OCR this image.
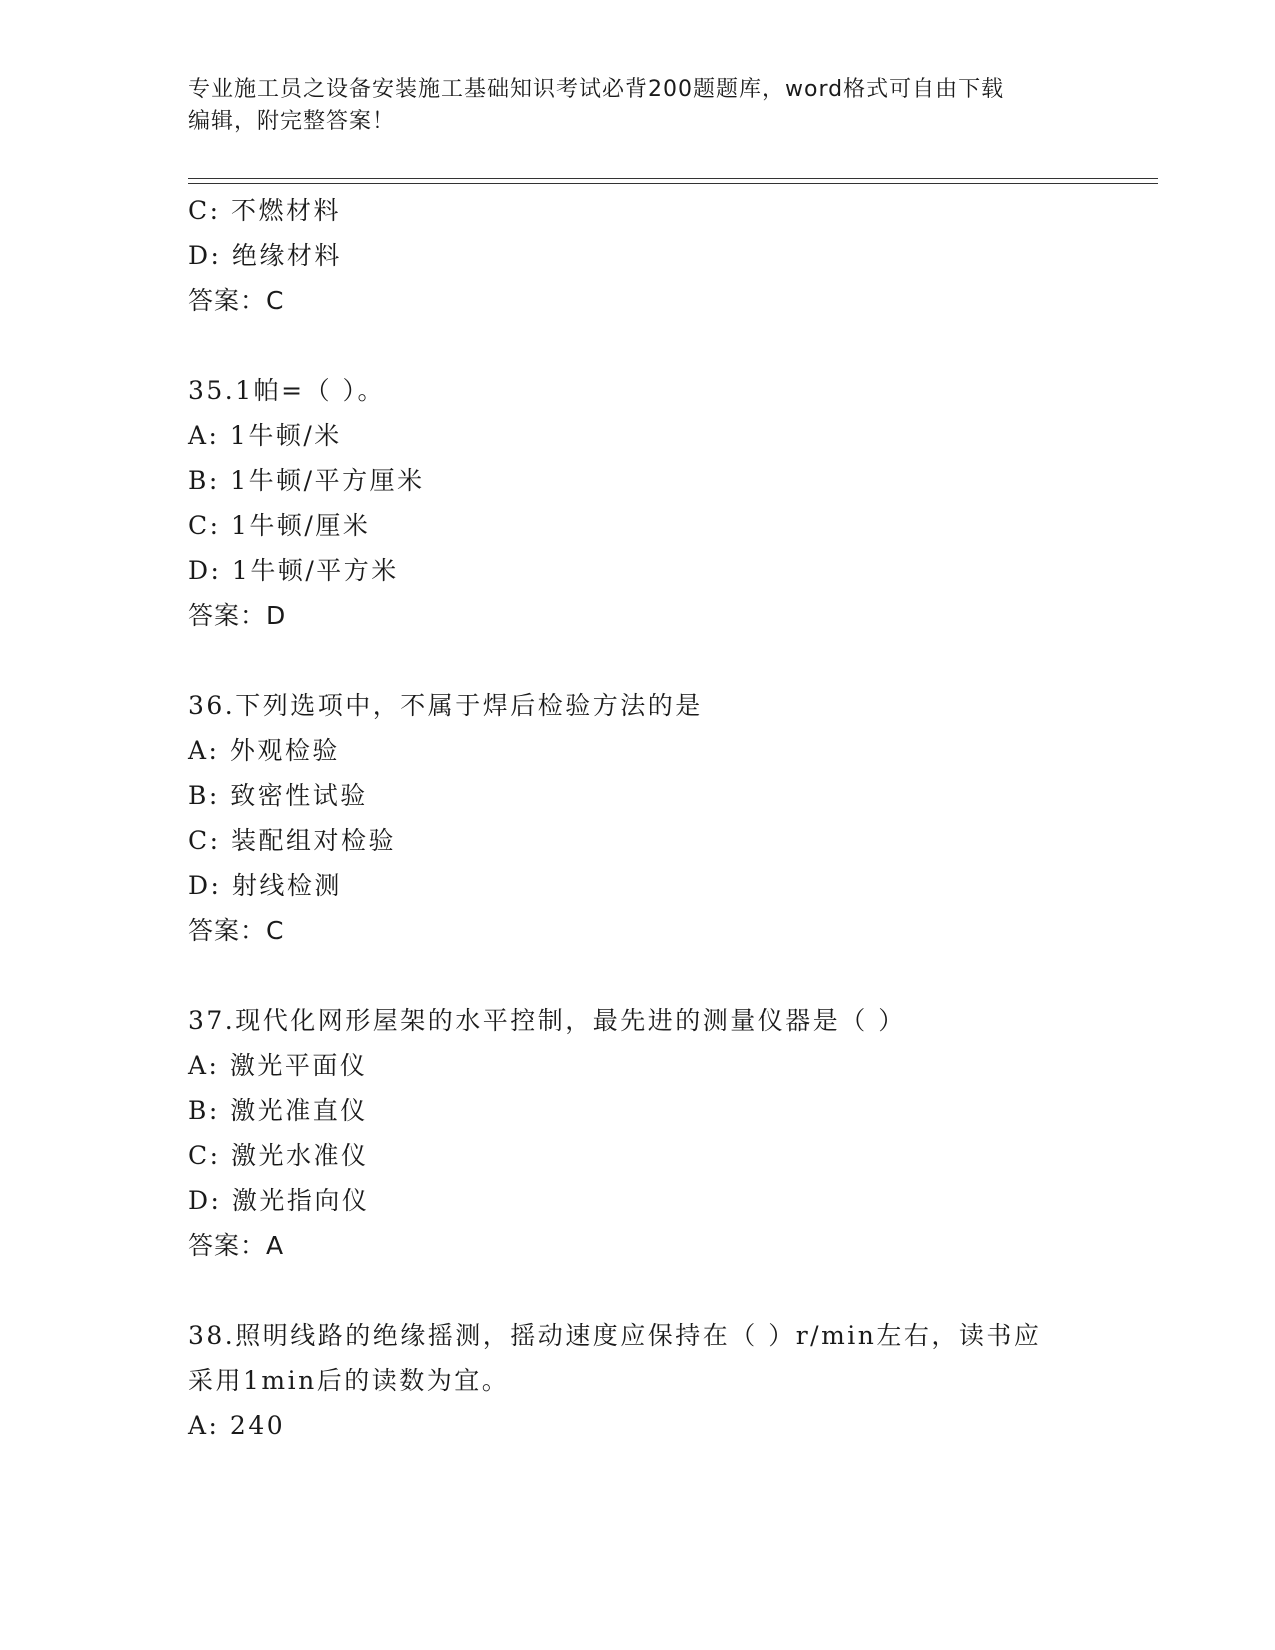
专业施工员之设备安装施工基础知识考试必背200题题库，word格式可自由下载
编辑，附完整答案！
C: 不燃材料
D: 绝缘材料
答案：C
35.1帕=（ ）。
A: 1牛顿/米
B: 1牛顿/平方厘米
C: 1牛顿/厘米
D: 1牛顿/平方米
答案：D
36.下列选项中，不属于焊后检验方法的是
A: 外观检验
B: 致密性试验
C: 装配组对检验
D: 射线检测
答案：C
37.现代化网形屋架的水平控制，最先进的测量仪器是（ ）
A: 激光平面仪
B: 激光准直仪
C: 激光水准仪
D: 激光指向仪
答案：A
38.照明线路的绝缘摇测，摇动速度应保持在（ ）r/min左右，读书应
采用1min后的读数为宜。
A: 240
